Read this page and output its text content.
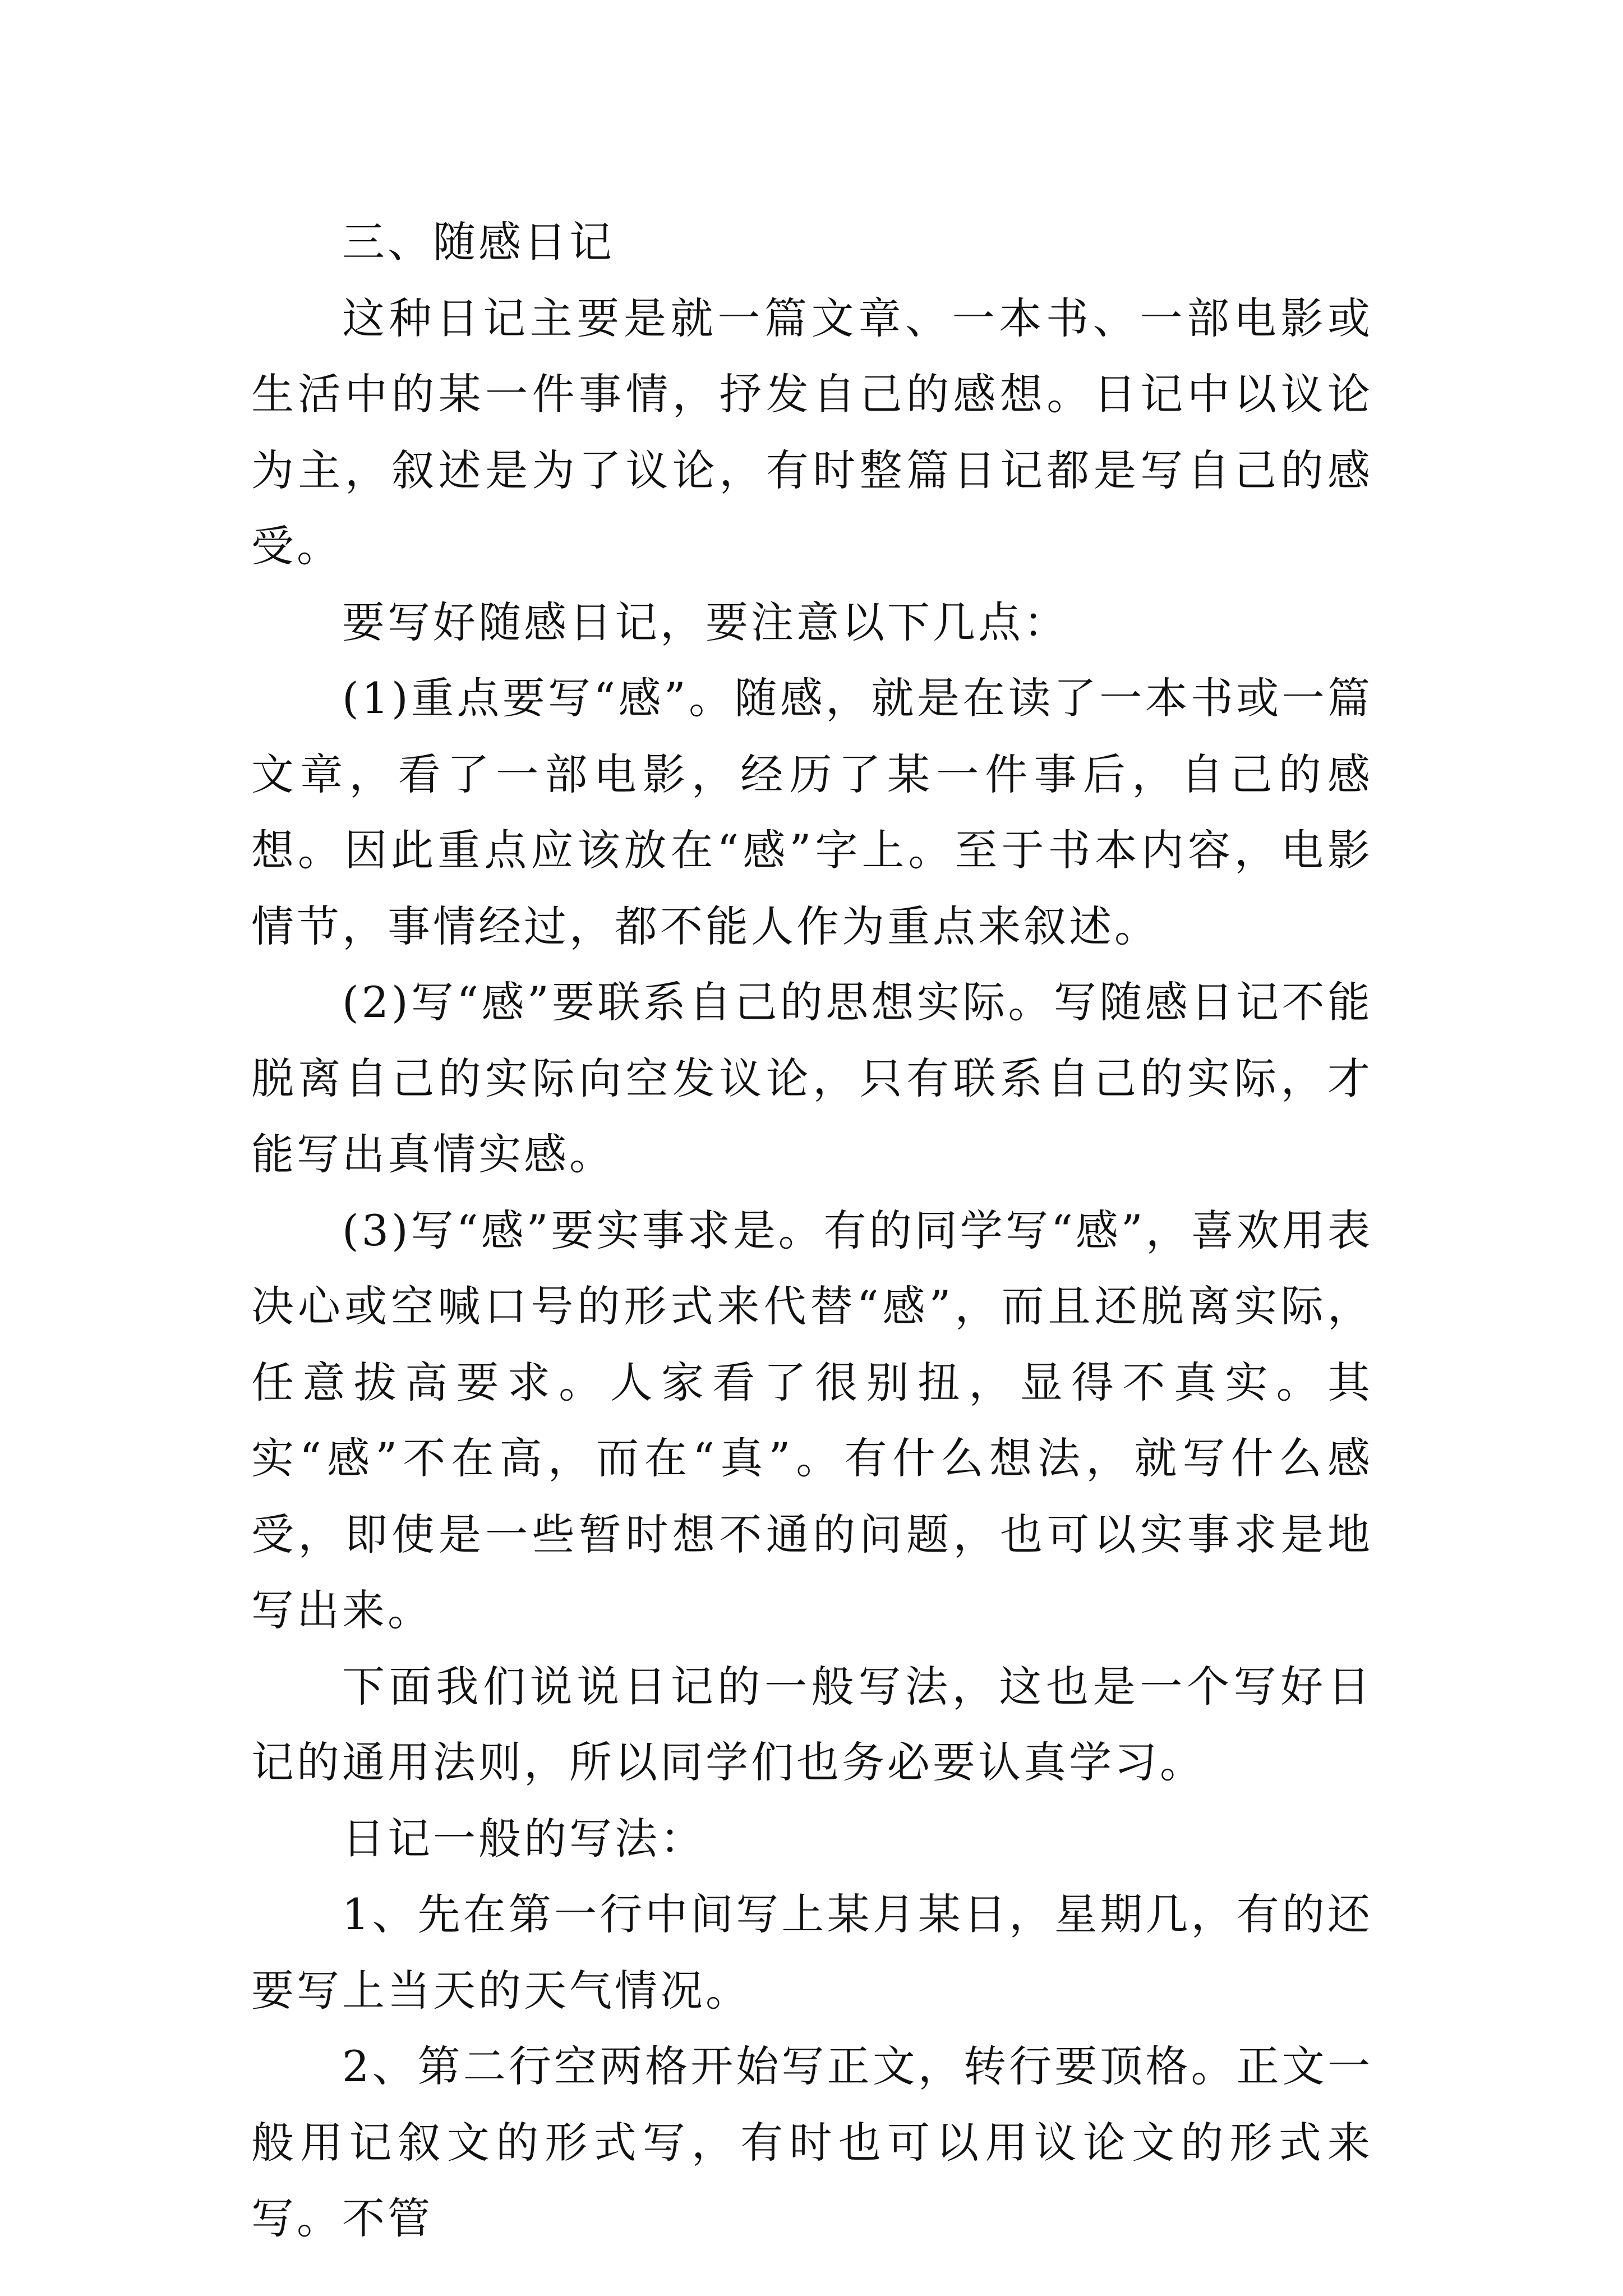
三、随感日记

这种日记主要是就一篇文章、一本书、一部电影或生活中的某一件事情，抒发自己的感想。日记中以议论为主，叙述是为了议论，有时整篇日记都是写自己的感受。

要写好随感日记，要注意以下几点：

(1)重点要写“感”。随感，就是在读了一本书或一篇文章，看了一部电影，经历了某一件事后，自己的感想。因此重点应该放在“感”字上。至于书本内容，电影情节，事情经过，都不能人作为重点来叙述。

(2)写“感”要联系自己的思想实际。写随感日记不能脱离自己的实际向空发议论，只有联系自己的实际，才能写出真情实感。

(3)写“感”要实事求是。有的同学写“感”，喜欢用表决心或空喊口号的形式来代替“感”，而且还脱离实际，任意拔高要求。人家看了很别扭，显得不真实。其实“感”不在高，而在“真”。有什么想法，就写什么感受，即使是一些暂时想不通的问题，也可以实事求是地写出来。

下面我们说说日记的一般写法，这也是一个写好日记的通用法则，所以同学们也务必要认真学习。

日记一般的写法：

1、先在第一行中间写上某月某日，星期几，有的还要写上当天的天气情况。

2、第二行空两格开始写正文，转行要顶格。正文一般用记叙文的形式写，有时也可以用议论文的形式来写。不管
